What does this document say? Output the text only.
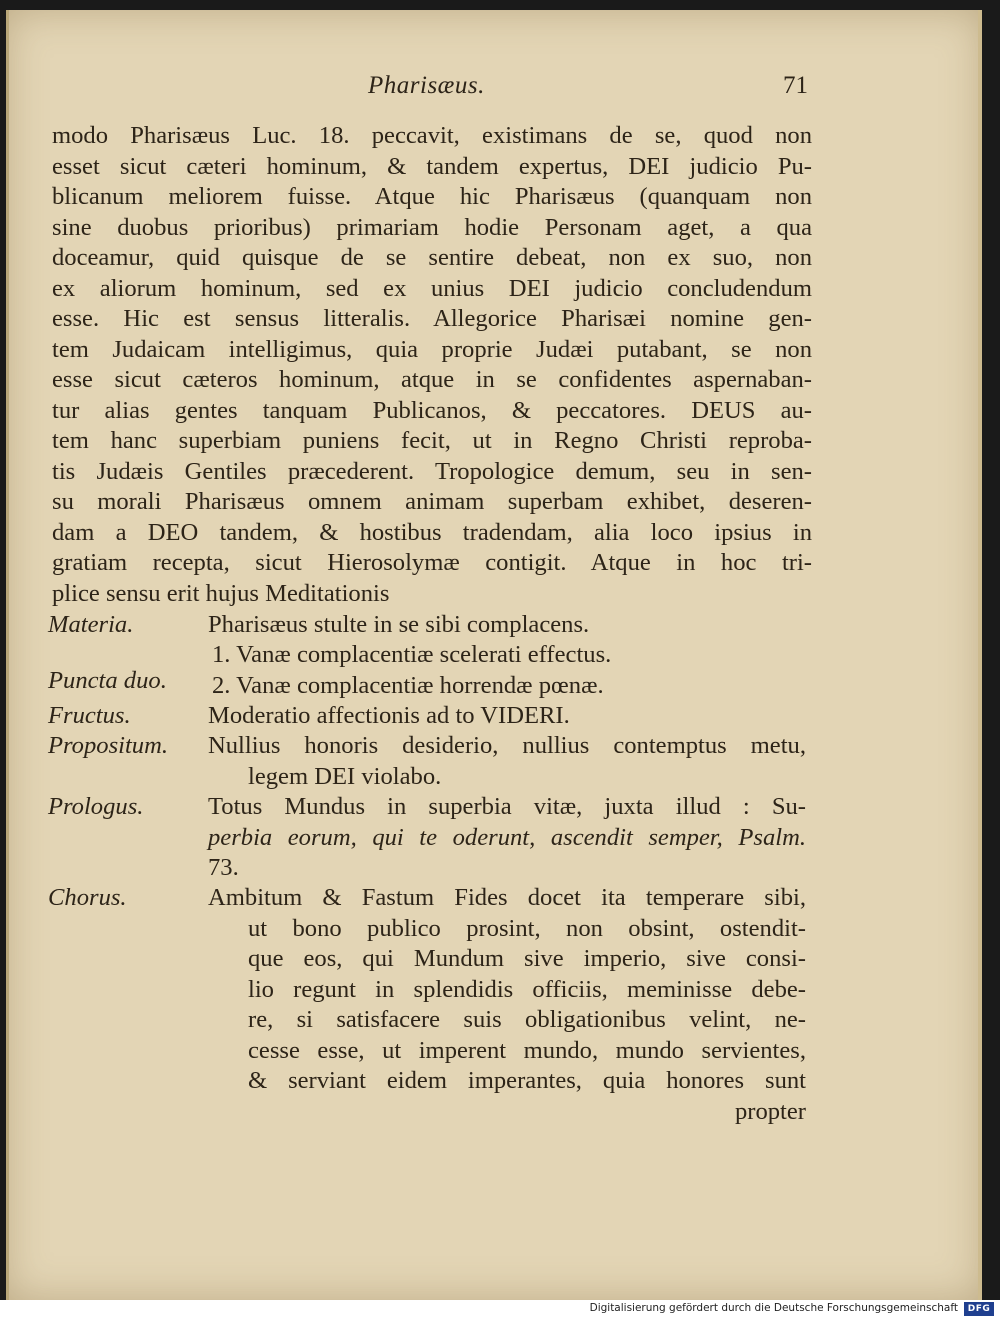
Pharisæus.	71
modo Pharisæus Luc. 18. peccavit, existimans de se, quod non
esset sicut cæteri hominum, & tandem expertus, DEI judicio Pu-
blicanum meliorem fuisse. Atque hic Pharisæus (quanquam non
sine duobus prioribus) primariam hodie Personam aget, a qua
doceamur, quid quisque de se sentire debeat, non ex suo, non
ex aliorum hominum, sed ex unius DEI judicio concludendum
esse. Hic est sensus litteralis. Allegorice Pharisæi nomine gen-
tem Judaicam intelligimus, quia proprie Judæi putabant, se non
esse sicut cæteros hominum, atque in se confidentes aspernaban-
tur alias gentes tanquam Publicanos, & peccatores. DEUS au-
tem hanc superbiam puniens fecit, ut in Regno Christi reproba-
tis Judæis Gentiles præcederent. Tropologice demum, seu in sen-
su morali Pharisæus omnem animam superbam exhibet, deseren-
dam a DEO tandem, & hostibus tradendam, alia loco ipsius in
gratiam recepta, sicut Hierosolymæ contigit. Atque in hoc tri-
plice sensu erit hujus Meditationis
Materia.	Pharisæus stulte in se sibi complacens.
Puncta duo.
1. Vanæ complacentiæ scelerati effectus.
2. Vanæ complacentiæ horrendæ pœnæ.
Fructus.	Moderatio affectionis ad to VIDERI.
Propositum. Nullius honoris desiderio, nullius contemptus metu,
legem DEI violabo.
Prologus.	Totus Mundus in superbia vitæ, juxta illud : Su-
perbia eorum, qui te oderunt, ascendit semper, Psalm.
73.
Chorus.	Ambitum & Fastum Fides docet ita temperare sibi,
ut bono publico prosint, non obsint, ostendit-
que eos, qui Mundum sive imperio, sive consi-
lio regunt in splendidis officiis, meminisse debe-
re, si satisfacere suis obligationibus velint, ne-
cesse esse, ut imperent mundo, mundo servientes,
& serviant eidem imperantes, quia honores sunt
propter
Digitalisierung gefördert durch die Deutsche Forschungsgemeinschaft	DFG
